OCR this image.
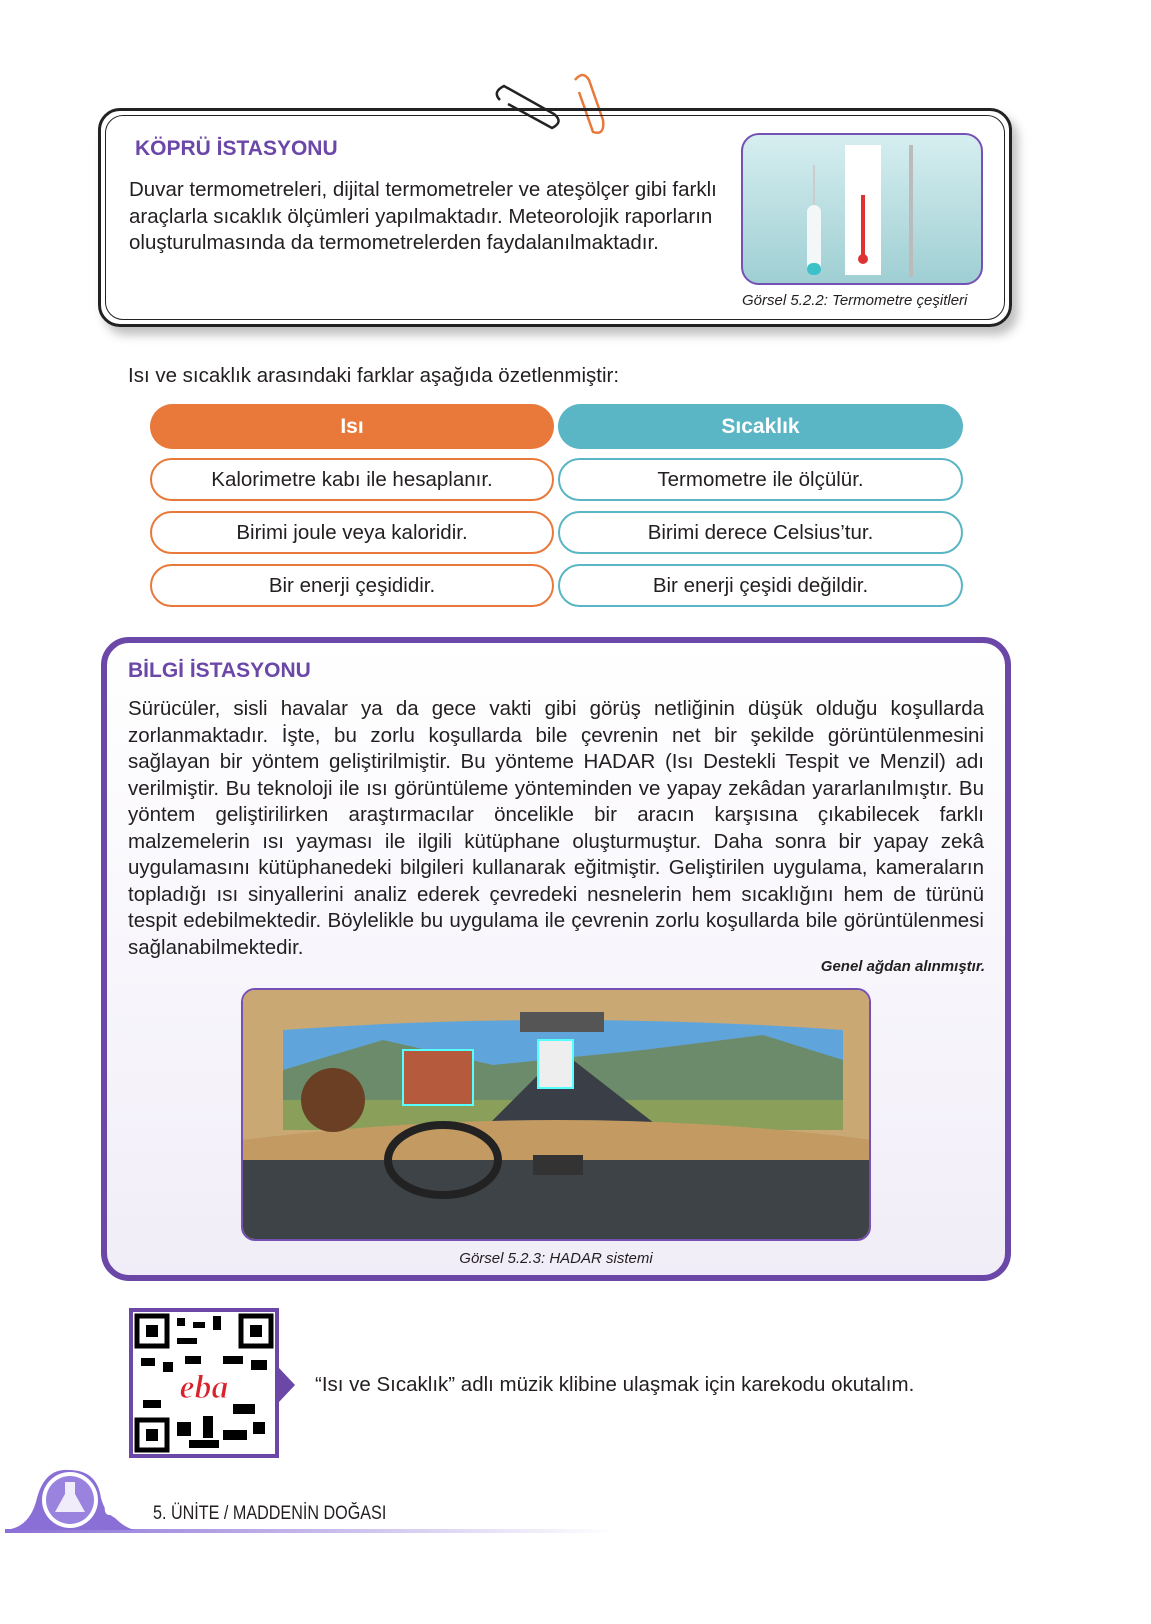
KÖPRÜ İSTASYONU
Duvar termometreleri, dijital termometreler ve ateşölçer gibi farklı araçlarla sıcaklık ölçümleri yapılmaktadır. Meteorolojik raporların oluşturulmasında da termometrelerden faydalanılmaktadır.
Görsel 5.2.2: Termometre çeşitleri
Isı ve sıcaklık arasındaki farklar aşağıda özetlenmiştir:
Isı	Sıcaklık
Kalorimetre kabı ile hesaplanır.	Termometre ile ölçülür.
Birimi joule veya kaloridir.	Birimi derece Celsius’tur.
Bir enerji çeşididir.	Bir enerji çeşidi değildir.
BİLGİ İSTASYONU
Sürücüler, sisli havalar ya da gece vakti gibi görüş netliğinin düşük olduğu koşullarda zorlanmaktadır. İşte, bu zorlu koşullarda bile çevrenin net bir şekilde görüntülenmesini sağlayan bir yöntem geliştirilmiştir. Bu yönteme HADAR (Isı Destekli Tespit ve Menzil) adı verilmiştir. Bu teknoloji ile ısı görüntüleme yönteminden ve yapay zekâdan yararlanılmıştır. Bu yöntem geliştirilirken araştırmacılar öncelikle bir aracın karşısına çıkabilecek farklı malzemelerin ısı yayması ile ilgili kütüphane oluşturmuştur. Daha sonra bir yapay zekâ uygulamasını kütüphanedeki bilgileri kullanarak eğitmiştir. Geliştirilen uygulama, kameraların topladığı ısı sinyallerini analiz ederek çevredeki nesnelerin hem sıcaklığını hem de türünü tespit edebilmektedir. Böylelikle bu uygulama ile çevrenin zorlu koşullarda bile görüntülenmesi sağlanabilmektedir.
Genel ağdan alınmıştır.
Görsel 5.2.3: HADAR sistemi
eba	“Isı ve Sıcaklık” adlı müzik klibine ulaşmak için karekodu okutalım.
68 5. ÜNİTE / MADDENİN DOĞASI
